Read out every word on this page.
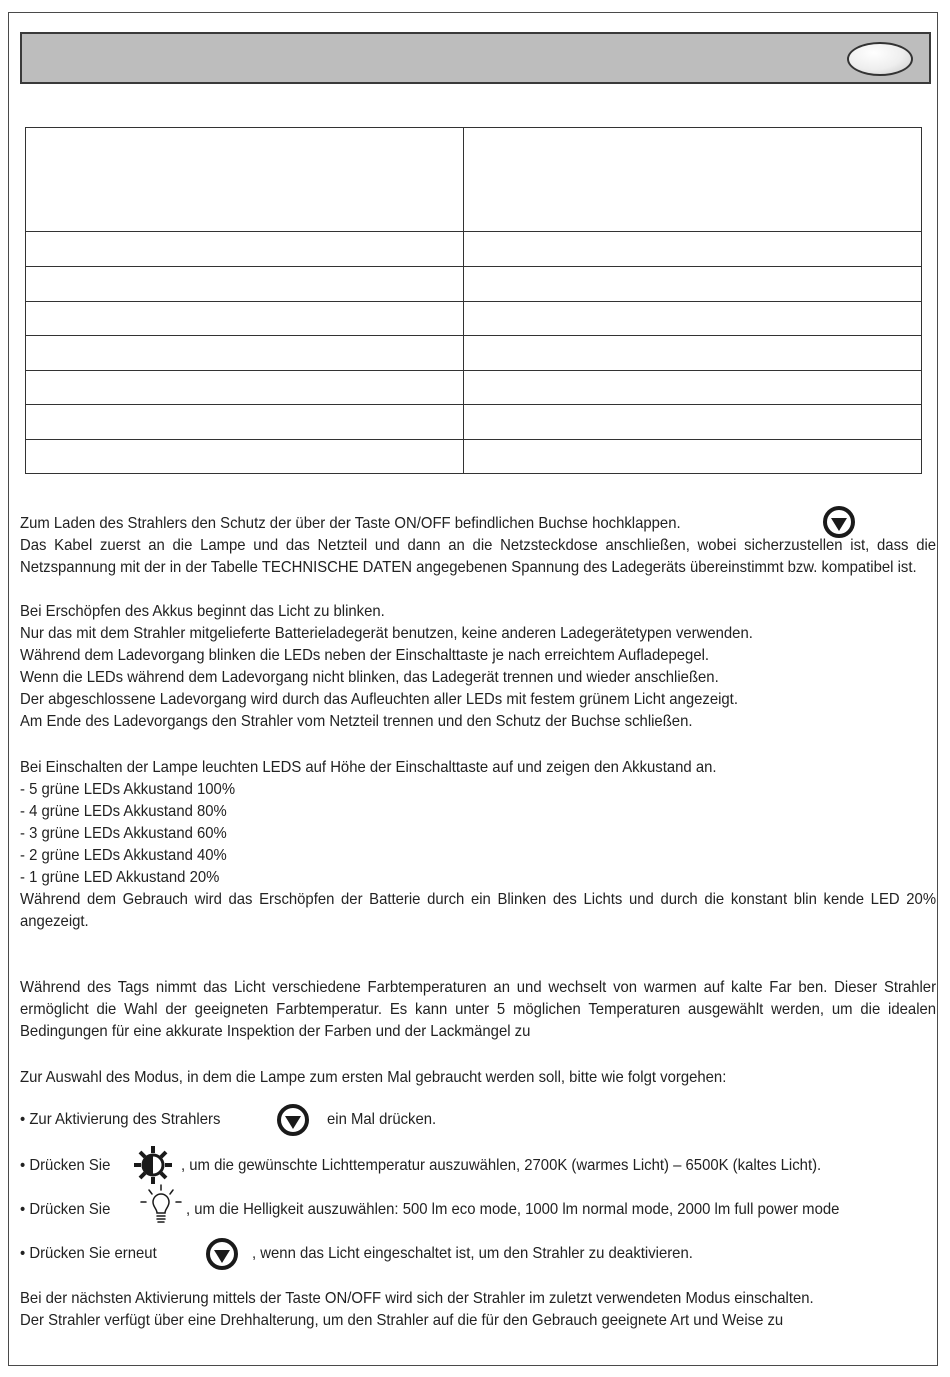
Zum Laden des Strahlers den Schutz der über der Taste ON/OFF befindlichen Buchse hochklappen.

Das Kabel zuerst an die Lampe und das Netzteil und dann an die Netzsteckdose anschließen, wobei sicherzustellen ist, dass die Netzspannung mit der in der Tabelle TECHNISCHE DATEN angegebenen Spannung des Ladegeräts übereinstimmt bzw. kompatibel ist.

Bei Erschöpfen des Akkus beginnt das Licht zu blinken.
Nur das mit dem Strahler mitgelieferte Batterieladegerät benutzen, keine anderen Ladegerätetypen verwenden.
Während dem Ladevorgang blinken die LEDs neben der Einschalttaste je nach erreichtem Aufladepegel.
Wenn die LEDs während dem Ladevorgang nicht blinken, das Ladegerät trennen und wieder anschließen.
Der abgeschlossene Ladevorgang wird durch das Aufleuchten aller LEDs mit festem grünem Licht angezeigt.
Am Ende des Ladevorgangs den Strahler vom Netzteil trennen und den Schutz der Buchse schließen.
Bei Einschalten der Lampe leuchten LEDS auf Höhe der Einschalttaste auf und zeigen den Akkustand an.
- 5 grüne LEDs Akkustand 100%
- 4 grüne LEDs Akkustand 80%
- 3 grüne LEDs Akkustand 60%
- 2 grüne LEDs Akkustand 40%
- 1 grüne LED Akkustand 20%

Während dem Gebrauch wird das Erschöpfen der Batterie durch ein Blinken des Lichts und durch die konstant blin kende LED 20% angezeigt.

Während des Tags nimmt das Licht verschiedene Farbtemperaturen an und wechselt von warmen auf kalte Far ben. Dieser Strahler ermöglicht die Wahl der geeigneten Farbtemperatur. Es kann unter 5 möglichen Temperaturen ausgewählt werden, um die idealen Bedingungen für eine akkurate Inspektion der Farben und der Lackmängel zu

Zur Auswahl des Modus, in dem die Lampe zum ersten Mal gebraucht werden soll, bitte wie folgt vorgehen:
• Zur Aktivierung des Strahlers	ein Mal drücken.
• Drücken Sie	, um die gewünschte Lichttemperatur auszuwählen, 2700K (warmes Licht) – 6500K (kaltes Licht).
• Drücken Sie	, um die Helligkeit auszuwählen: 500 lm eco mode, 1000 lm normal mode, 2000 lm full power mode
• Drücken Sie erneut	, wenn das Licht eingeschaltet ist, um den Strahler zu deaktivieren.
Bei der nächsten Aktivierung mittels der Taste ON/OFF wird sich der Strahler im zuletzt verwendeten Modus einschalten.
Der Strahler verfügt über eine Drehhalterung, um den Strahler auf die für den Gebrauch geeignete Art und Weise zu
